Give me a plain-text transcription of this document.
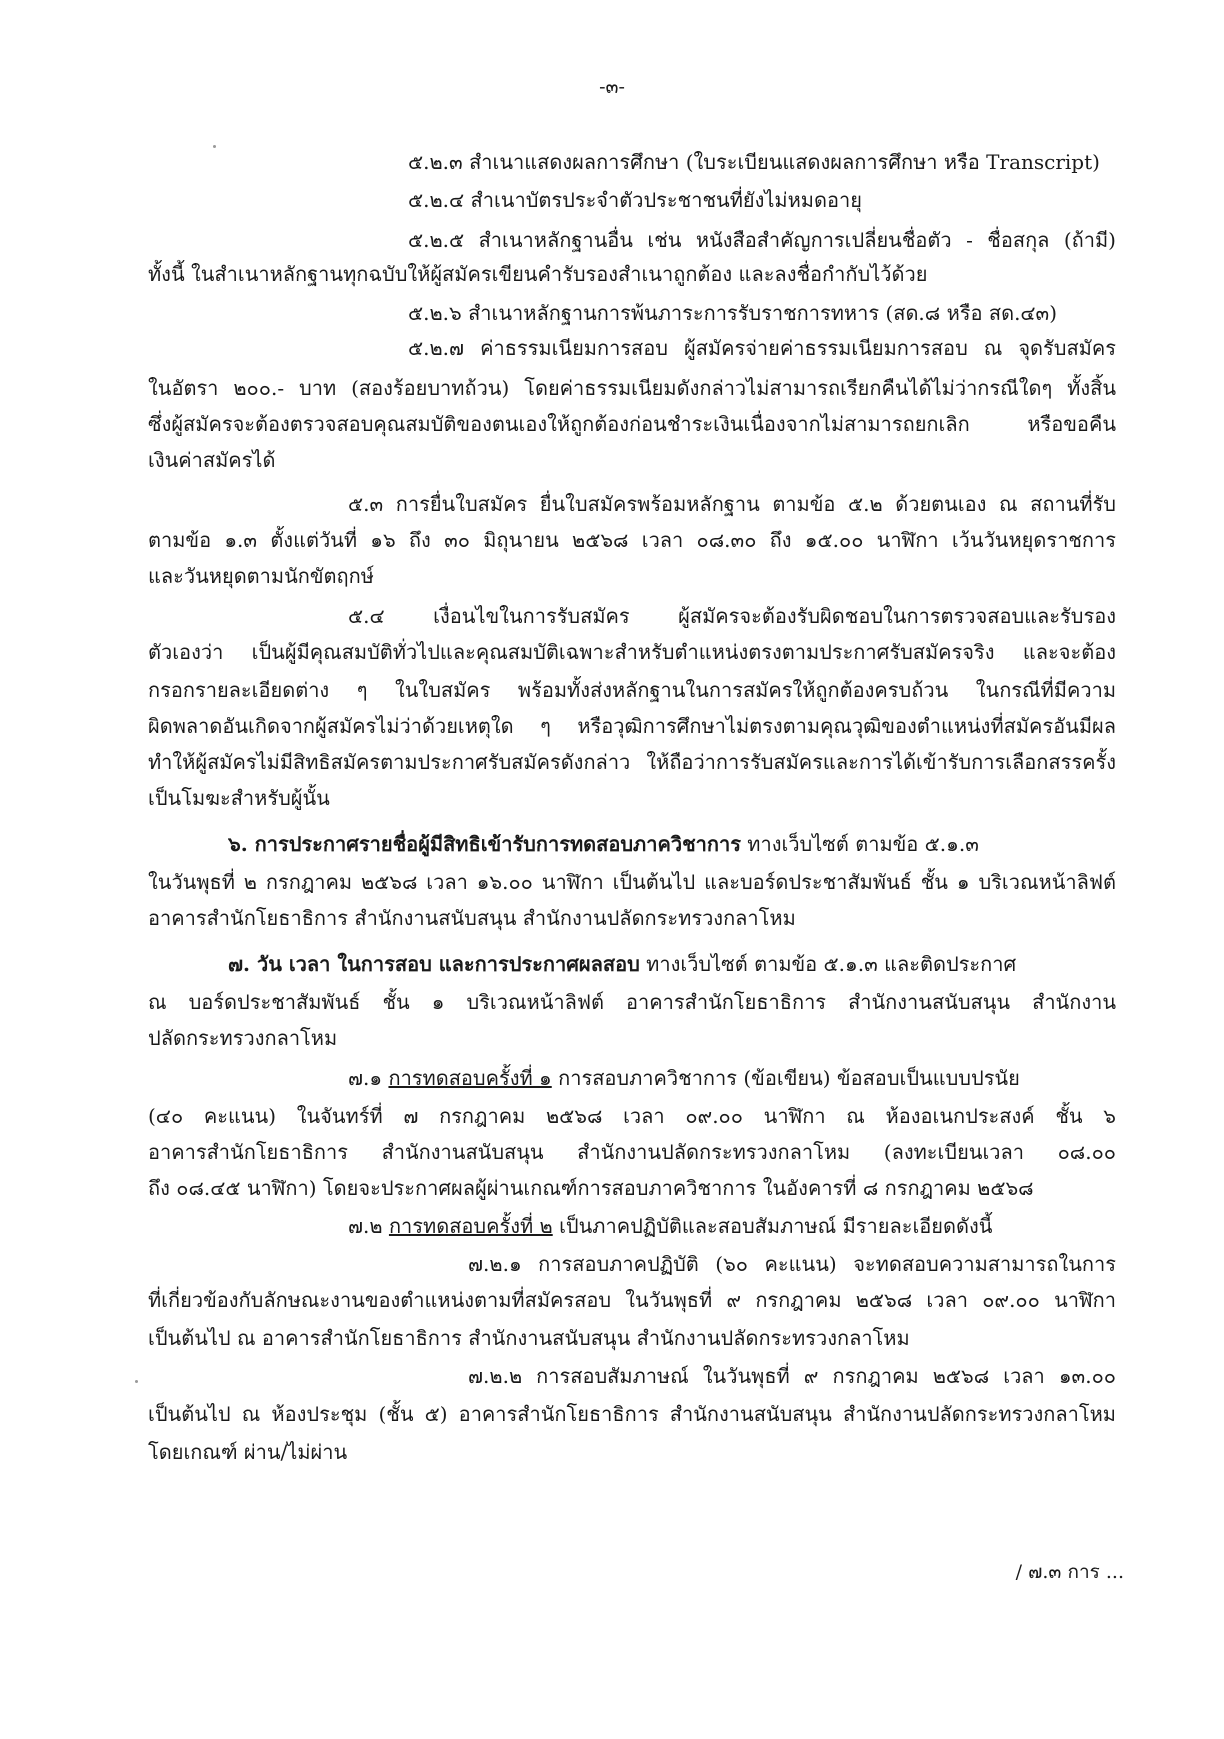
-๓-
๕.๒.๓ สำเนาแสดงผลการศึกษา (ใบระเบียนแสดงผลการศึกษา หรือ Transcript)
๕.๒.๔ สำเนาบัตรประจำตัวประชาชนที่ยังไม่หมดอายุ
๕.๒.๕ สำเนาหลักฐานอื่น เช่น หนังสือสำคัญการเปลี่ยนชื่อตัว - ชื่อสกุล (ถ้ามี)
ทั้งนี้ ในสำเนาหลักฐานทุกฉบับให้ผู้สมัครเขียนคำรับรองสำเนาถูกต้อง และลงชื่อกำกับไว้ด้วย
๕.๒.๖ สำเนาหลักฐานการพ้นภาระการรับราชการทหาร (สด.๘ หรือ สด.๔๓)
๕.๒.๗ ค่าธรรมเนียมการสอบ ผู้สมัครจ่ายค่าธรรมเนียมการสอบ ณ จุดรับสมัคร
ในอัตรา ๒๐๐.- บาท (สองร้อยบาทถ้วน) โดยค่าธรรมเนียมดังกล่าวไม่สามารถเรียกคืนได้ไม่ว่ากรณีใดๆ ทั้งสิ้น
ซึ่งผู้สมัครจะต้องตรวจสอบคุณสมบัติของตนเองให้ถูกต้องก่อนชำระเงินเนื่องจากไม่สามารถยกเลิก หรือขอคืน
เงินค่าสมัครได้
๕.๓ การยื่นใบสมัคร ยื่นใบสมัครพร้อมหลักฐาน ตามข้อ ๕.๒ ด้วยตนเอง ณ สถานที่รับ
ตามข้อ ๑.๓ ตั้งแต่วันที่ ๑๖ ถึง ๓๐ มิถุนายน ๒๕๖๘ เวลา ๐๘.๓๐ ถึง ๑๕.๐๐ นาฬิกา เว้นวันหยุดราชการ
และวันหยุดตามนักขัตฤกษ์
๕.๔ เงื่อนไขในการรับสมัคร ผู้สมัครจะต้องรับผิดชอบในการตรวจสอบและรับรอง
ตัวเองว่า เป็นผู้มีคุณสมบัติทั่วไปและคุณสมบัติเฉพาะสำหรับตำแหน่งตรงตามประกาศรับสมัครจริง และจะต้อง
กรอกรายละเอียดต่าง ๆ ในใบสมัคร พร้อมทั้งส่งหลักฐานในการสมัครให้ถูกต้องครบถ้วน ในกรณีที่มีความ
ผิดพลาดอันเกิดจากผู้สมัครไม่ว่าด้วยเหตุใด ๆ หรือวุฒิการศึกษาไม่ตรงตามคุณวุฒิของตำแหน่งที่สมัครอันมีผล
ทำให้ผู้สมัครไม่มีสิทธิสมัครตามประกาศรับสมัครดังกล่าว ให้ถือว่าการรับสมัครและการได้เข้ารับการเลือกสรรครั้ง
เป็นโมฆะสำหรับผู้นั้น
๖. การประกาศรายชื่อผู้มีสิทธิเข้ารับการทดสอบภาควิชาการ ทางเว็บไซต์ ตามข้อ ๕.๑.๓
ในวันพุธที่ ๒ กรกฎาคม ๒๕๖๘ เวลา ๑๖.๐๐ นาฬิกา เป็นต้นไป และบอร์ดประชาสัมพันธ์ ชั้น ๑ บริเวณหน้าลิฟต์
อาคารสำนักโยธาธิการ สำนักงานสนับสนุน สำนักงานปลัดกระทรวงกลาโหม
๗. วัน เวลา ในการสอบ และการประกาศผลสอบ ทางเว็บไซต์ ตามข้อ ๕.๑.๓ และติดประกาศ
ณ บอร์ดประชาสัมพันธ์ ชั้น ๑ บริเวณหน้าลิฟต์ อาคารสำนักโยธาธิการ สำนักงานสนับสนุน สำนักงาน
ปลัดกระทรวงกลาโหม
๗.๑ การทดสอบครั้งที่ ๑ การสอบภาควิชาการ (ข้อเขียน) ข้อสอบเป็นแบบปรนัย
(๔๐ คะแนน) ในจันทร์ที่ ๗ กรกฎาคม ๒๕๖๘ เวลา ๐๙.๐๐ นาฬิกา ณ ห้องอเนกประสงค์ ชั้น ๖
อาคารสำนักโยธาธิการ สำนักงานสนับสนุน สำนักงานปลัดกระทรวงกลาโหม (ลงทะเบียนเวลา ๐๘.๐๐
ถึง ๐๘.๔๕ นาฬิกา) โดยจะประกาศผลผู้ผ่านเกณฑ์การสอบภาควิชาการ ในอังคารที่ ๘ กรกฎาคม ๒๕๖๘
๗.๒ การทดสอบครั้งที่ ๒ เป็นภาคปฏิบัติและสอบสัมภาษณ์ มีรายละเอียดดังนี้
๗.๒.๑ การสอบภาคปฏิบัติ (๖๐ คะแนน) จะทดสอบความสามารถในการ
ที่เกี่ยวข้องกับลักษณะงานของตำแหน่งตามที่สมัครสอบ ในวันพุธที่ ๙ กรกฎาคม ๒๕๖๘ เวลา ๐๙.๐๐ นาฬิกา
เป็นต้นไป ณ อาคารสำนักโยธาธิการ สำนักงานสนับสนุน สำนักงานปลัดกระทรวงกลาโหม
๗.๒.๒ การสอบสัมภาษณ์ ในวันพุธที่ ๙ กรกฎาคม ๒๕๖๘ เวลา ๑๓.๐๐
เป็นต้นไป ณ ห้องประชุม (ชั้น ๕) อาคารสำนักโยธาธิการ สำนักงานสนับสนุน สำนักงานปลัดกระทรวงกลาโหม
โดยเกณฑ์ ผ่าน/ไม่ผ่าน
/ ๗.๓ การ ...
